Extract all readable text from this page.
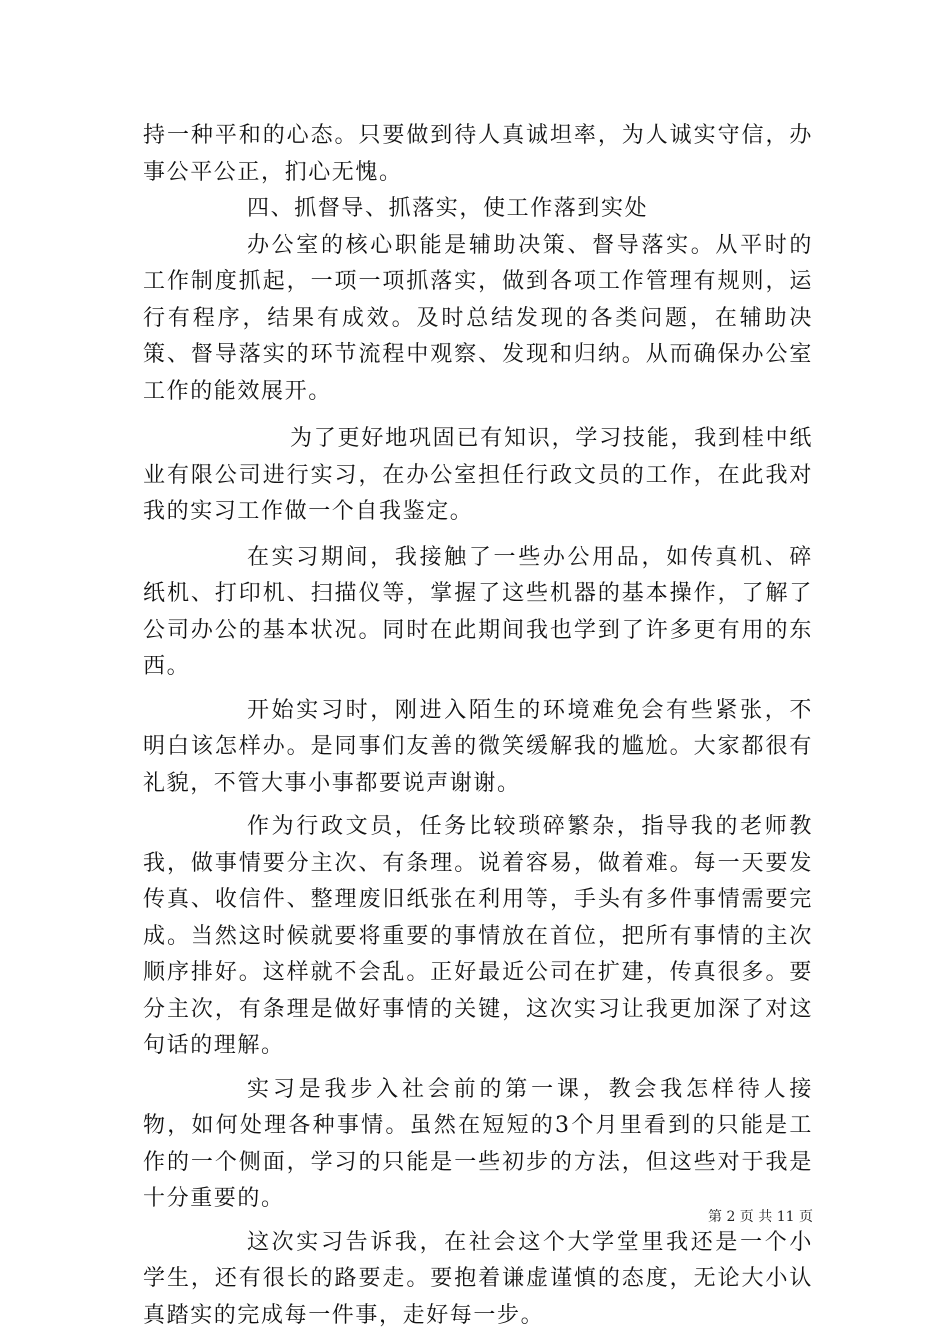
持一种平和的心态。只要做到待人真诚坦率，为人诚实守信，办事公平公正，扪心无愧。

四、抓督导、抓落实，使工作落到实处

办公室的核心职能是辅助决策、督导落实。从平时的工作制度抓起，一项一项抓落实，做到各项工作管理有规则，运行有程序，结果有成效。及时总结发现的各类问题，在辅助决策、督导落实的环节流程中观察、发现和归纳。从而确保办公室工作的能效展开。

为了更好地巩固已有知识，学习技能，我到桂中纸业有限公司进行实习，在办公室担任行政文员的工作，在此我对我的实习工作做一个自我鉴定。

在实习期间，我接触了一些办公用品，如传真机、碎纸机、打印机、扫描仪等，掌握了这些机器的基本操作，了解了公司办公的基本状况。同时在此期间我也学到了许多更有用的东西。

开始实习时，刚进入陌生的环境难免会有些紧张，不明白该怎样办。是同事们友善的微笑缓解我的尴尬。大家都很有礼貌，不管大事小事都要说声谢谢。

作为行政文员，任务比较琐碎繁杂，指导我的老师教我，做事情要分主次、有条理。说着容易，做着难。每一天要发传真、收信件、整理废旧纸张在利用等，手头有多件事情需要完成。当然这时候就要将重要的事情放在首位，把所有事情的主次顺序排好。这样就不会乱。正好最近公司在扩建，传真很多。要分主次，有条理是做好事情的关键，这次实习让我更加深了对这句话的理解。

实习是我步入社会前的第一课，教会我怎样待人接物，如何处理各种事情。虽然在短短的3个月里看到的只能是工作的一个侧面，学习的只能是一些初步的方法，但这些对于我是十分重要的。

这次实习告诉我，在社会这个大学堂里我还是一个小学生，还有很长的路要走。要抱着谦虚谨慎的态度，无论大小认真踏实的完成每一件事，走好每一步。

第 2 页 共 11 页
